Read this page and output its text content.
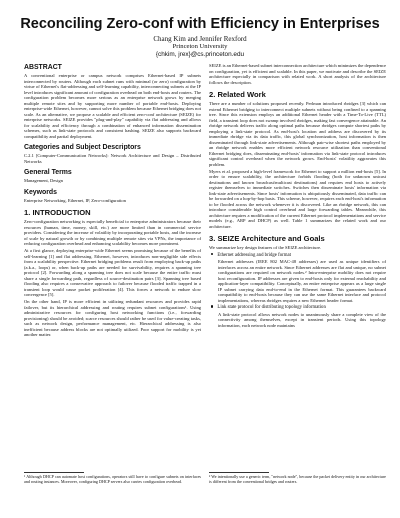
Reconciling Zero-conf with Efficiency in Enterprises
Chang Kim and Jennifer Rexford
Princeton University
{chkim, jrex}@cs.princeton.edu
ABSTRACT

A conventional enterprise or campus network comprises Ethernet-based IP subnets interconnected by routers. Although each subnet runs with minimal (or zero) configuration by virtue of Ethernet's flat-addressing and self-learning capability, interconnecting subnets at the IP level introduces significant amount of configuration overhead on both end-hosts and routers. The configuration problem becomes more serious as an enterprise network grows by merging multiple remote sites and by supporting more number of portable end-hosts. Deploying enterprise-wide Ethernet, however, cannot solve this problem because Ethernet bridging does not scale. As an alternative, we propose a scalable and efficient zero-conf architecture (SEIZE) for enterprise networks. SEIZE provides "plug-and-play" capability via flat addressing and allows for scalability and efficiency through a combination of enhanced information dissemination schemes, such as link-state protocols and consistent hashing. SEIZE also supports backward compatibility and partial deployment.

Categories and Subject Descriptors

C.2.1 [Computer-Communication Networks]: Network Architecture and Design – Distributed Networks

General Terms

Management, Design

Keywords

Enterprise Networking, Ethernet, IP, Zero-configuration

1. INTRODUCTION

Zero-configuration networking is especially beneficial to enterprise administrators because their resources (human, time, money, skill, etc.) are more limited than in commercial service providers. Considering the increase of volatility by incorporating portable hosts, and the increase of scale by natural growth or by combining multiple remote sites via VPNs, the importance of reducing configuration overhead and enhancing scalability becomes more prominent.

At a first glance, deploying enterprise-wide Ethernet seems promising because of the benefits of self-learning [1] and flat addressing. Ethernet, however, introduces non-negligible side effects from a scalability perspective. Ethernet bridging problems result from employing back-up paths (a.k.a., loops) or, when back-up paths are needed for survivability, requires a spanning tree protocol [2]. Forwarding along a spanning tree does not scale because the entire traffic must share a single forwarding path, regardless of source-destination pairs [3]. Spanning tree based flooding also requires a conservative approach to failover because flooded traffic trapped in a transient loop would cause packet proliferation [4]. This forces a network to endure slow convergence [5].

On the other hand, IP is more efficient in utilizing redundant resources and provides rapid failover, but its hierarchical addressing and routing requires subnet configurations¹. Using administrative resources for configuring host networking functions (i.e., forwarding provisioning) should be avoided; scarce resources should rather be used for value-creating tasks, such as network design, performance management, etc. Hierarchical addressing is also inefficient because address blocks are not optimally utilized. Poor support for mobility is yet another matter.

SEIZE is an Ethernet-based subnet interconnection architecture which minimizes the dependence on configuration, yet is efficient and scalable. In this paper, we motivate and describe the SEIZE architecture especially in comparison with related work. A short analysis of the architecture follows the description.

2. Related Work

There are a number of solutions proposed recently. Perlman introduced rbridges [3] which can extend Ethernet bridging to interconnect multiple subnets without being confined to a spanning tree. Since this extension employs an additional Ethernet header with a Time-To-Live (TTL) field, a transient loop does not swamp involved rbridges, making fast convergence attainable. An rbridge network delivers traffic along optimal paths because rbridges compute shortest paths by employing a link-state protocol. As end-host's location and address are discovered by its immediate rbridge via its data traffic, this global synchronization, host information is then disseminated through link-state advertisements. Although pair-wise shortest paths employed by an rbridge network enables more efficient network resource utilization than conventional Ethernet bridging does, disseminating end-hosts' information via link-state protocol introduces significant control overhead when the network grows. End-hosts' volatility aggravates this problem.

Myers et al. proposed a high-level framework for Ethernet to support a million end-hosts [5]. In order to ensure scalability, the architecture forbids flooding (both for unknown unicast destinations and known broadcast/multicast destinations) and requires end hosts to actively register themselves to immediate switches. Switches then disseminate hosts' information via link-state advertisements. Since hosts' information is ubiquitously disseminated, data traffic can be forwarded on a hop-by-hop basis. This scheme, however, requires each end-host's information to be flooded across the network whenever it is discovered. Like an rbridge network, this can introduce considerable high control overhead and large forwarding tables. Meanwhile, this architecture requires a modification of the current Ethernet protocol implementations and service models (e.g., ARP and DHCP) as well. Table 1 summarizes the related work and our architecture.

3. SEIZE Architecture and Goals

We summarize key design features of the SEIZE architecture.

Ethernet addressing and bridge format

Ethernet addresses (IEEE 802 MAC-48 addresses) are used as unique identifiers of interfaces across an entire network. Since Ethernet addresses are flat and unique, no subnet configurations are required on network nodes.² Intra-enterprise mobility does not require host reconfiguration. IP addresses are given to end-hosts only for external reachability and application-layer compatibility. Conceptually, an entire enterprise appears as a large single IP subnet carrying data end-to-end in the Ethernet format. This guarantees backward compatibility to end-hosts because they can use the same Ethernet interface and protocol implementations, whereas rbridges requires a new Ethernet header format.

Link state protocol for distributing topology information

A link-state protocol allows network nodes to unanimously share a complete view of the connectivity among themselves, except in transient periods. Using this topology information, each network node maintains

¹ Although DHCP can automate host configurations, operators still have to configure subnets on interfaces and routing instances. Moreover, configuring DHCP servers also carries configuration overhead.
² We intentionally use a generic term, "network node", because the packet delivery entity in our architecture is different from the conventional bridges and routers.
